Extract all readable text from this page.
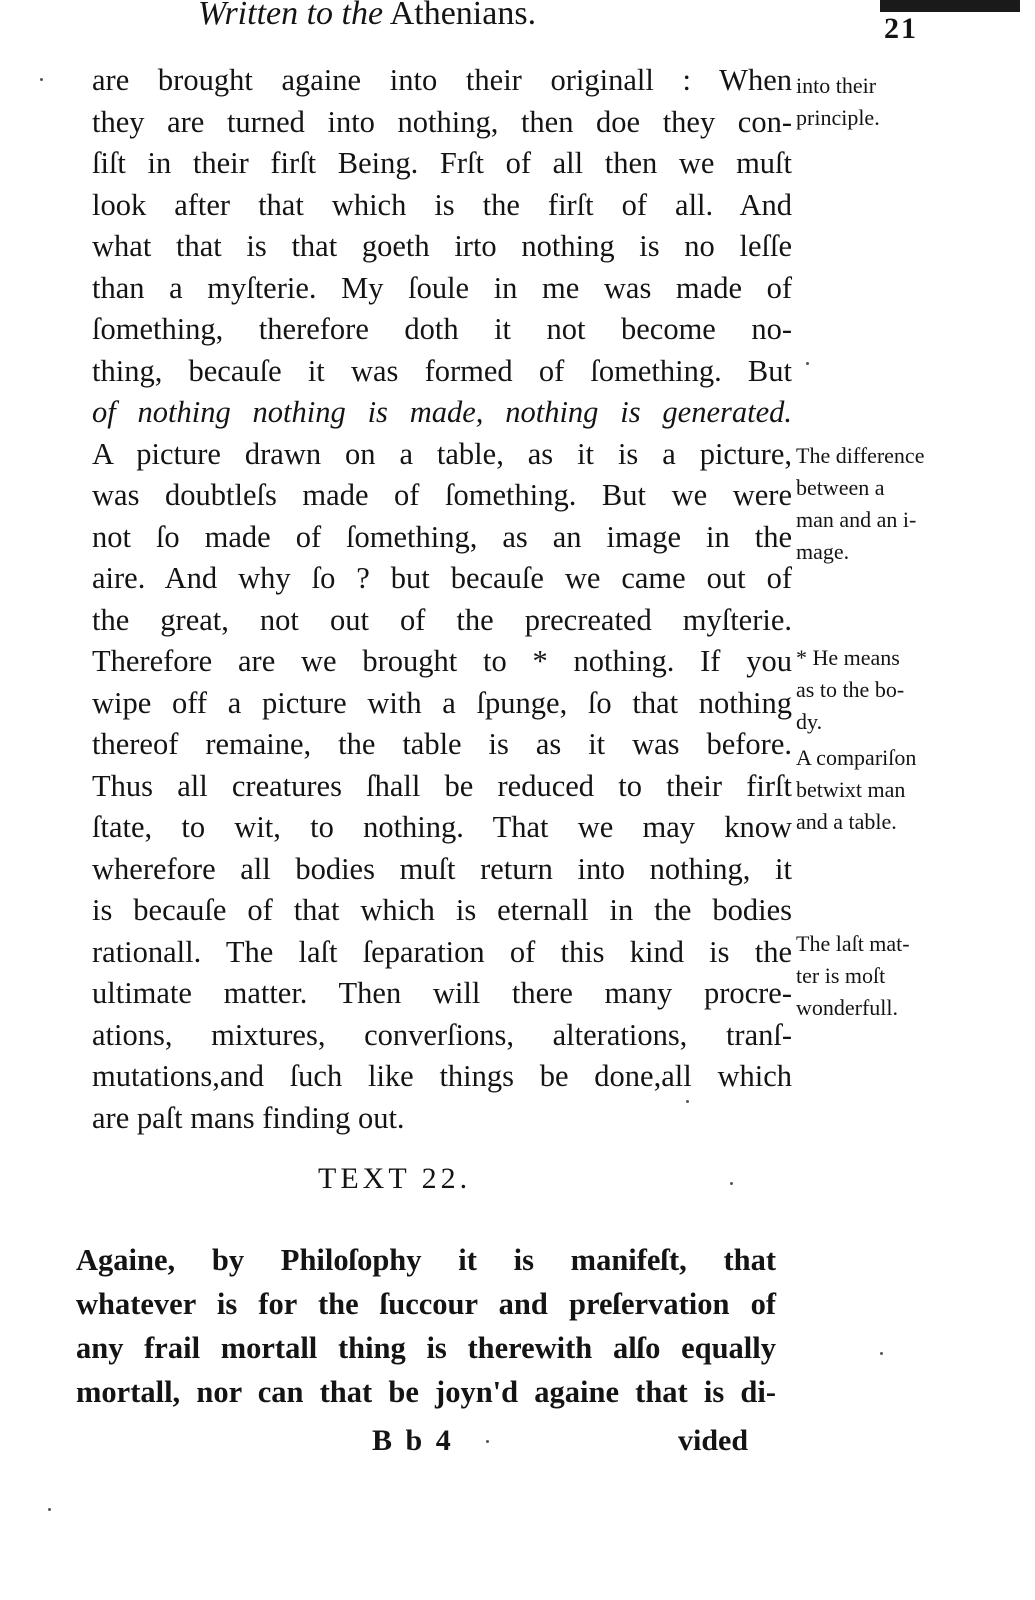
Written to the Athenians.	21
are brought againe into their originall : When
they are turned into nothing, then doe they con-
ſiſt in their firſt Being. Frſt of all then we muſt
look after that which is the firſt of all. And
what that is that goeth irto nothing is no leſſe
than a myſterie. My ſoule in me was made of
ſomething, therefore doth it not become no-
thing, becauſe it was formed of ſomething. But
of nothing nothing is made, nothing is generated.
A picture drawn on a table, as it is a picture,
was doubtleſs made of ſomething. But we were
not ſo made of ſomething, as an image in the
aire. And why ſo ? but becauſe we came out of
the great, not out of the precreated myſterie.
Therefore are we brought to * nothing. If you
wipe off a picture with a ſpunge, ſo that nothing
thereof remaine, the table is as it was before.
Thus all creatures ſhall be reduced to their firſt
ſtate, to wit, to nothing. That we may know
wherefore all bodies muſt return into nothing, it
is becauſe of that which is eternall in the bodies
rationall. The laſt ſeparation of this kind is the
ultimate matter. Then will there many procre-
ations, mixtures, converſions, alterations, tranſ-
mutations,and ſuch like things be done,all which
are paſt mans finding out.
into their
principle.
The difference
between a
man and an i-
mage.
* He means
as to the bo-
dy.
A compariſon
betwixt man
and a table.
The laſt mat-
ter is moſt
wonderfull.
TEXT 22.
Againe, by Philoſophy it is manifeſt, that
whatever is for the ſuccour and preſervation of
any frail mortall thing is therewith alſo equally
mortall, nor can that be joyn'd againe that is di-
B b 4	vided
